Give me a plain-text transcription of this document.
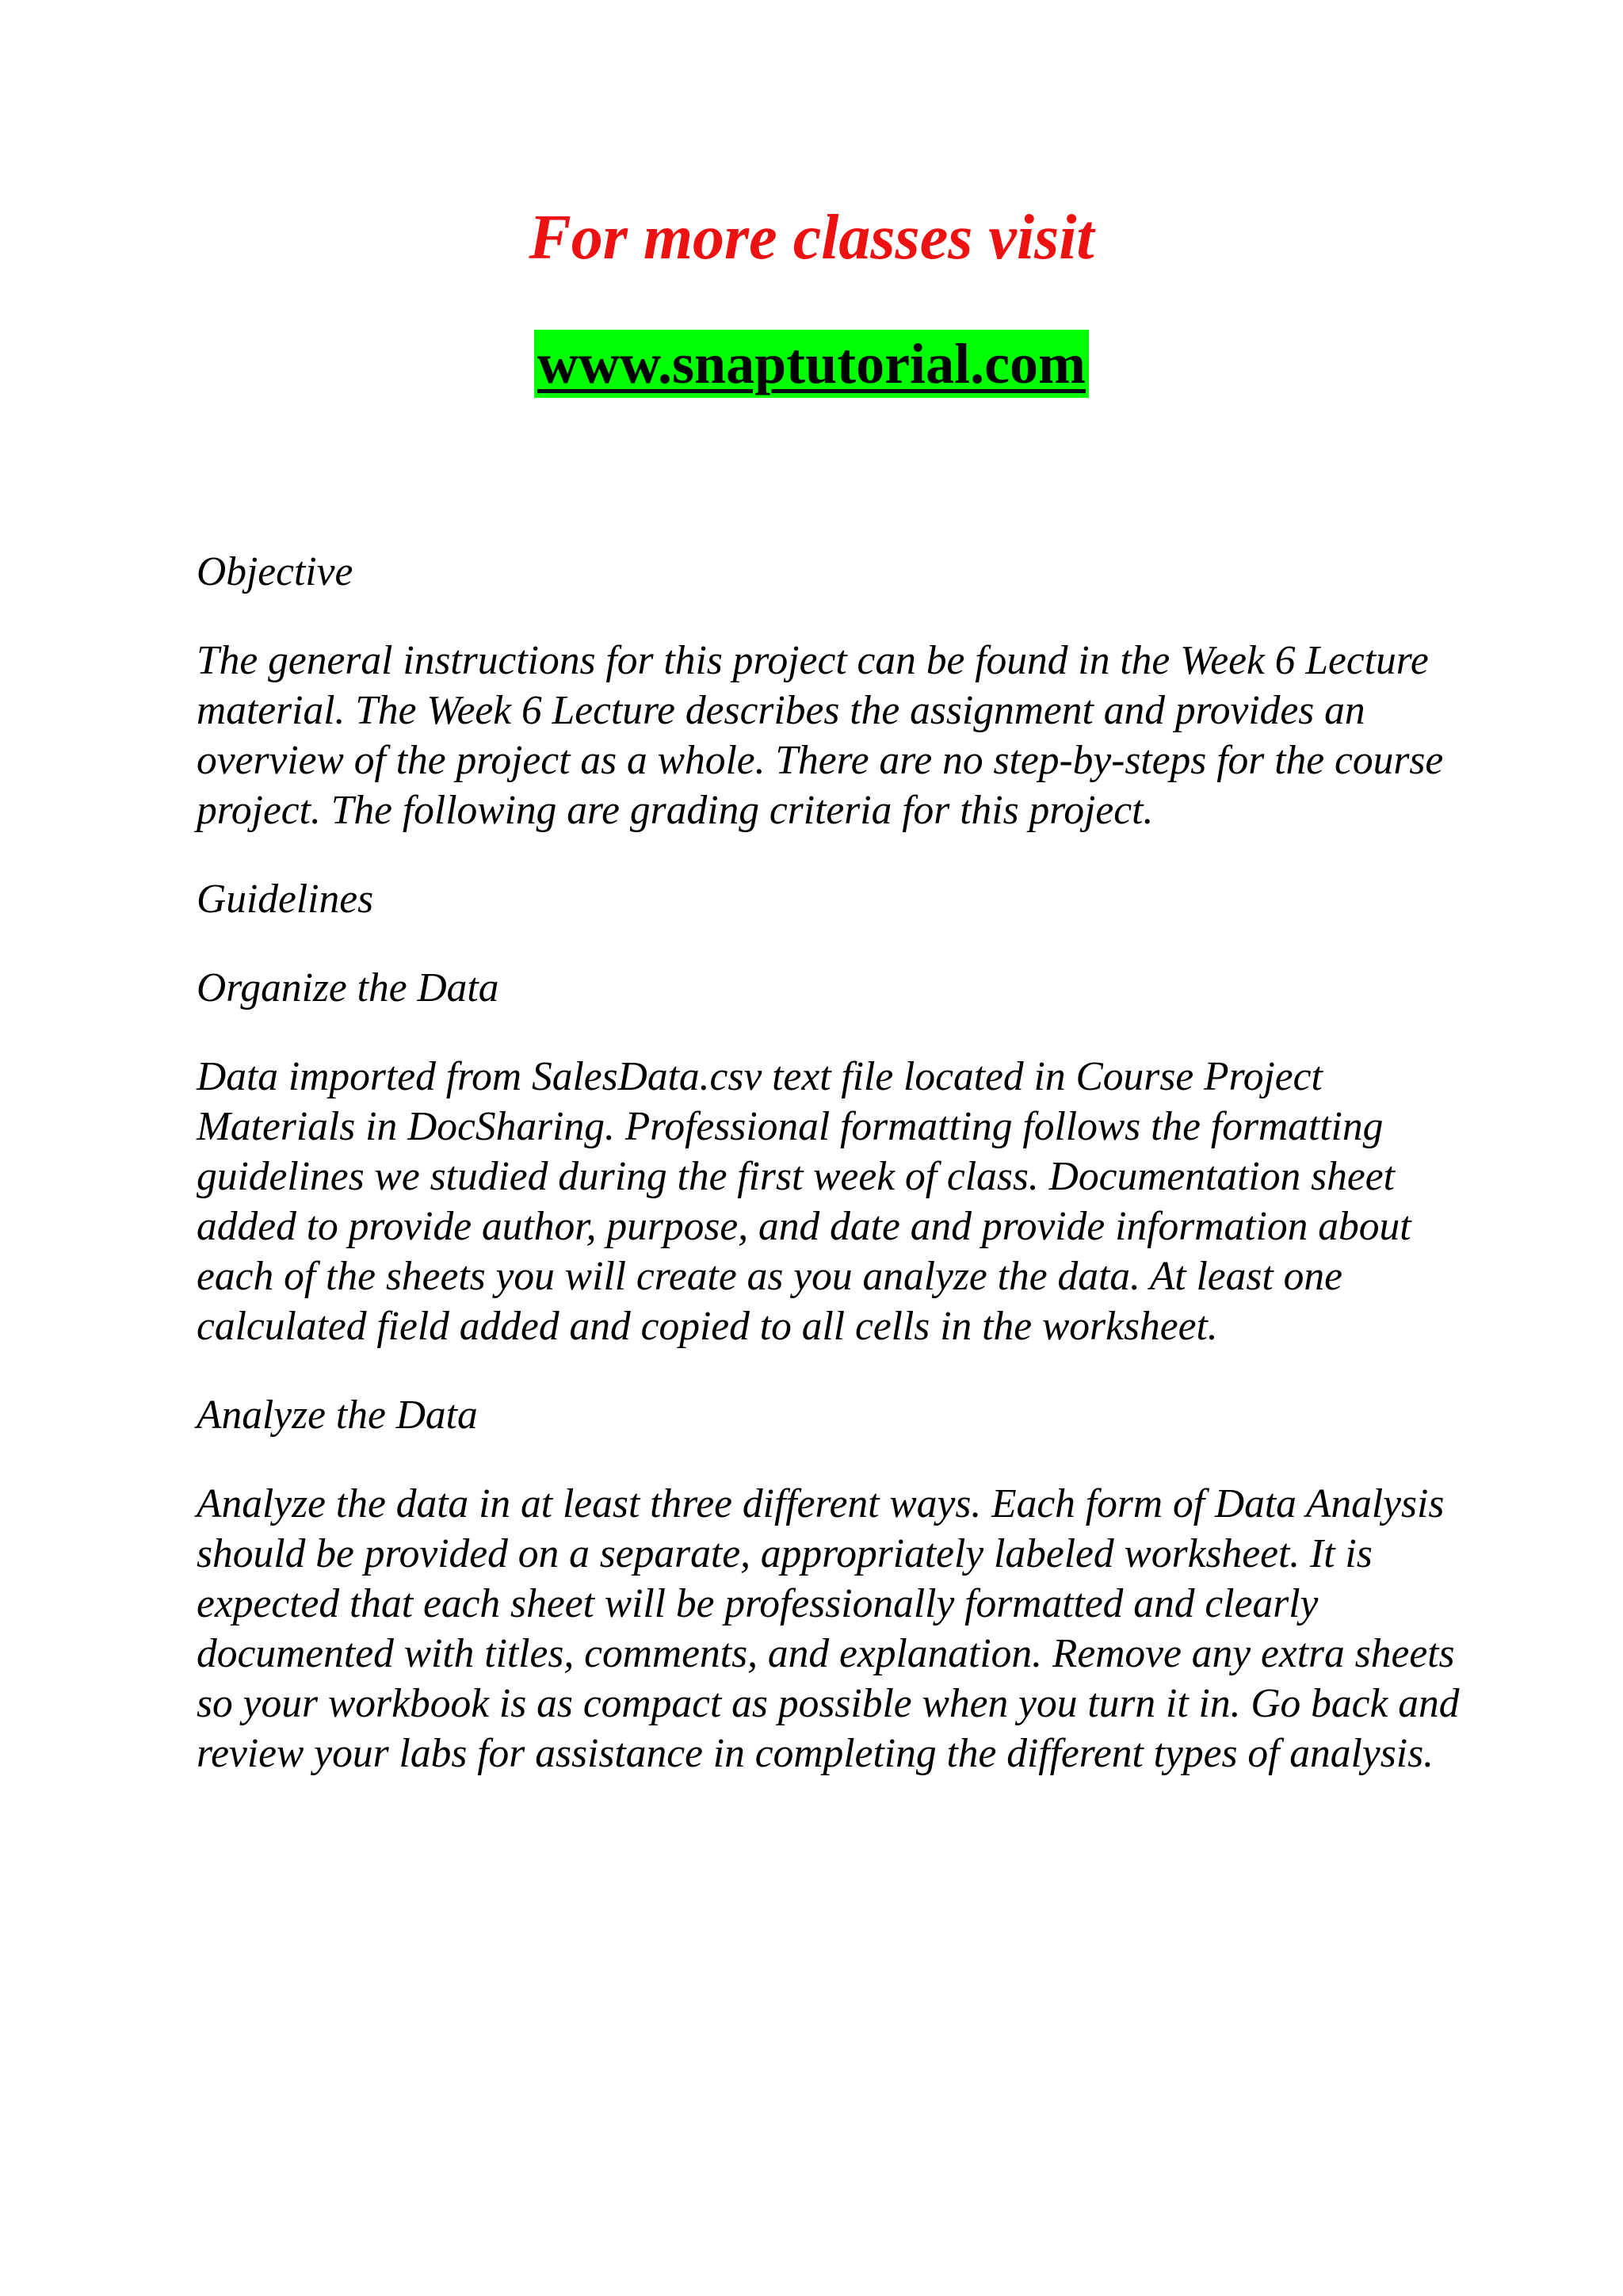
For more classes visit
www.snaptutorial.com

Objective

The general instructions for this project can be found in the Week 6 Lecture material. The Week 6 Lecture describes the assignment and provides an overview of the project as a whole. There are no step-by-steps for the course project. The following are grading criteria for this project.

Guidelines

Organize the Data

Data imported from SalesData.csv text file located in Course Project Materials in DocSharing. Professional formatting follows the formatting guidelines we studied during the first week of class. Documentation sheet added to provide author, purpose, and date and provide information about each of the sheets you will create as you analyze the data. At least one calculated field added and copied to all cells in the worksheet.

Analyze the Data

Analyze the data in at least three different ways. Each form of Data Analysis should be provided on a separate, appropriately labeled worksheet. It is expected that each sheet will be professionally formatted and clearly documented with titles, comments, and explanation. Remove any extra sheets so your workbook is as compact as possible when you turn it in. Go back and review your labs for assistance in completing the different types of analysis.
